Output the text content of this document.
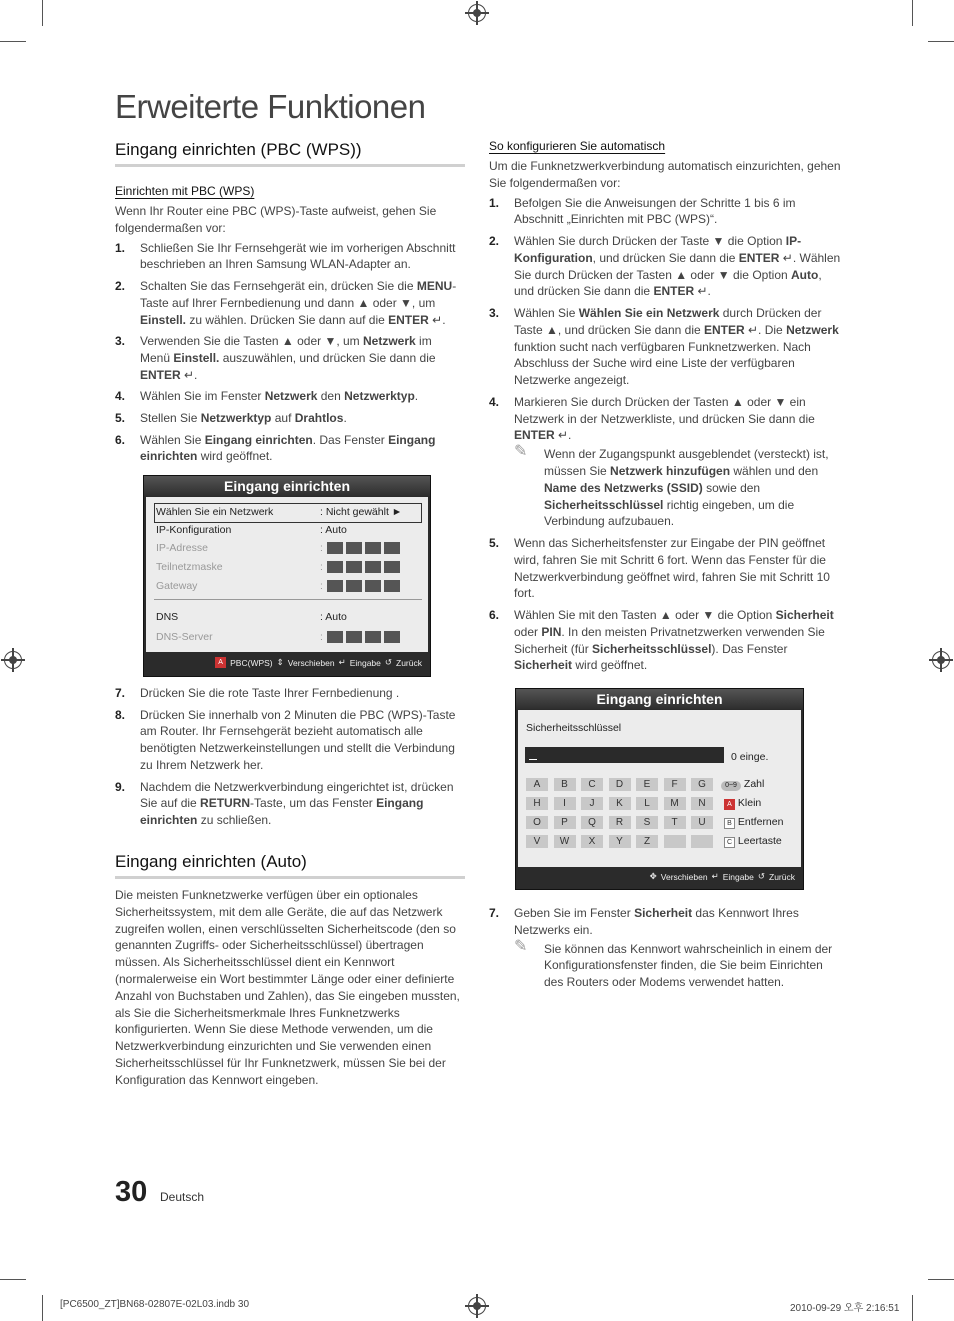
Erweiterte Funktionen
Eingang einrichten (PBC (WPS))
Einrichten mit PBC (WPS)
Wenn Ihr Router eine PBC (WPS)-Taste aufweist, gehen Sie folgendermaßen vor:
1. Schließen Sie Ihr Fernsehgerät wie im vorherigen Abschnitt beschrieben an Ihren Samsung WLAN-Adapter an.
2. Schalten Sie das Fernsehgerät ein, drücken Sie die MENU-Taste auf Ihrer Fernbedienung und dann ▲ oder ▼, um Einstell. zu wählen. Drücken Sie dann auf die ENTER ↵.
3. Verwenden Sie die Tasten ▲ oder ▼, um Netzwerk im Menü Einstell. auszuwählen, und drücken Sie dann die ENTER ↵.
4. Wählen Sie im Fenster Netzwerk den Netzwerktyp.
5. Stellen Sie Netzwerktyp auf Drahtlos.
6. Wählen Sie Eingang einrichten. Das Fenster Eingang einrichten wird geöffnet.
Eingang einrichten
Wählen Sie ein Netzwerk	: Nicht gewählt ►
IP-Konfiguration	: Auto
IP-Adresse	:
Teilnetzmaske	:
Gateway	:
DNS	: Auto
DNS-Server	:
A PBC(WPS) ⇕ Verschieben ↵ Eingabe ↺ Zurück
7. Drücken Sie die rote Taste Ihrer Fernbedienung .
8. Drücken Sie innerhalb von 2 Minuten die PBC (WPS)-Taste am Router. Ihr Fernsehgerät bezieht automatisch alle benötigten Netzwerkeinstellungen und stellt die Verbindung zu Ihrem Netzwerk her.
9. Nachdem die Netzwerkverbindung eingerichtet ist, drücken Sie auf die RETURN-Taste, um das Fenster Eingang einrichten zu schließen.
Eingang einrichten (Auto)
Die meisten Funknetzwerke verfügen über ein optionales Sicherheitssystem, mit dem alle Geräte, die auf das Netzwerk zugreifen wollen, einen verschlüsselten Sicherheitscode (den so genannten Zugriffs- oder Sicherheitsschlüssel) übertragen müssen. Als Sicherheitsschlüssel dient ein Kennwort (normalerweise ein Wort bestimmter Länge oder einer definierte Anzahl von Buchstaben und Zahlen), das Sie eingeben mussten, als Sie die Sicherheitsmerkmale Ihres Funknetzwerks konfigurierten. Wenn Sie diese Methode verwenden, um die Netzwerkverbindung einzurichten und Sie verwenden einen Sicherheitsschlüssel für Ihr Funknetzwerk, müssen Sie bei der Konfiguration das Kennwort eingeben.
So konfigurieren Sie automatisch
Um die Funknetzwerkverbindung automatisch einzurichten, gehen Sie folgendermaßen vor:
1. Befolgen Sie die Anweisungen der Schritte 1 bis 6 im Abschnitt „Einrichten mit PBC (WPS)“.
2. Wählen Sie durch Drücken der Taste ▼ die Option IP-Konfiguration, und drücken Sie dann die ENTER ↵. Wählen Sie durch Drücken der Tasten ▲ oder ▼ die Option Auto, und drücken Sie dann die ENTER ↵.
3. Wählen Sie Wählen Sie ein Netzwerk durch Drücken der Taste ▲, und drücken Sie dann die ENTER ↵. Die Netzwerk funktion sucht nach verfügbaren Funknetzwerken. Nach Abschluss der Suche wird eine Liste der verfügbaren Netzwerke angezeigt.
4. Markieren Sie durch Drücken der Tasten ▲ oder ▼ ein Netzwerk in der Netzwerkliste, und drücken Sie dann die ENTER ↵.
✎ Wenn der Zugangspunkt ausgeblendet (versteckt) ist, müssen Sie Netzwerk hinzufügen wählen und den Name des Netzwerks (SSID) sowie den Sicherheitsschlüssel richtig eingeben, um die Verbindung aufzubauen.
5. Wenn das Sicherheitsfenster zur Eingabe der PIN geöffnet wird, fahren Sie mit Schritt 6 fort. Wenn das Fenster für die Netzwerkverbindung geöffnet wird, fahren Sie mit Schritt 10 fort.
6. Wählen Sie mit den Tasten ▲ oder ▼ die Option Sicherheit oder PIN. In den meisten Privatnetzwerken verwenden Sie Sicherheit (für Sicherheitsschlüssel). Das Fenster Sicherheit wird geöffnet.
Eingang einrichten
Sicherheitsschlüssel
0 einge.
A	B	C	D	E	F	G
H	I	J	K	L	M	N
O	P	Q	R	S	T	U
V	W	X	Y	Z
0~9 Zahl
A Klein
B Entfernen
C Leertaste
✥ Verschieben ↵ Eingabe ↺ Zurück
7. Geben Sie im Fenster Sicherheit das Kennwort Ihres Netzwerks ein.
✎ Sie können das Kennwort wahrscheinlich in einem der Konfigurationsfenster finden, die Sie beim Einrichten des Routers oder Modems verwendet hatten.
30 Deutsch
[PC6500_ZT]BN68-02807E-02L03.indb 30	2010-09-29 오후 2:16:51
